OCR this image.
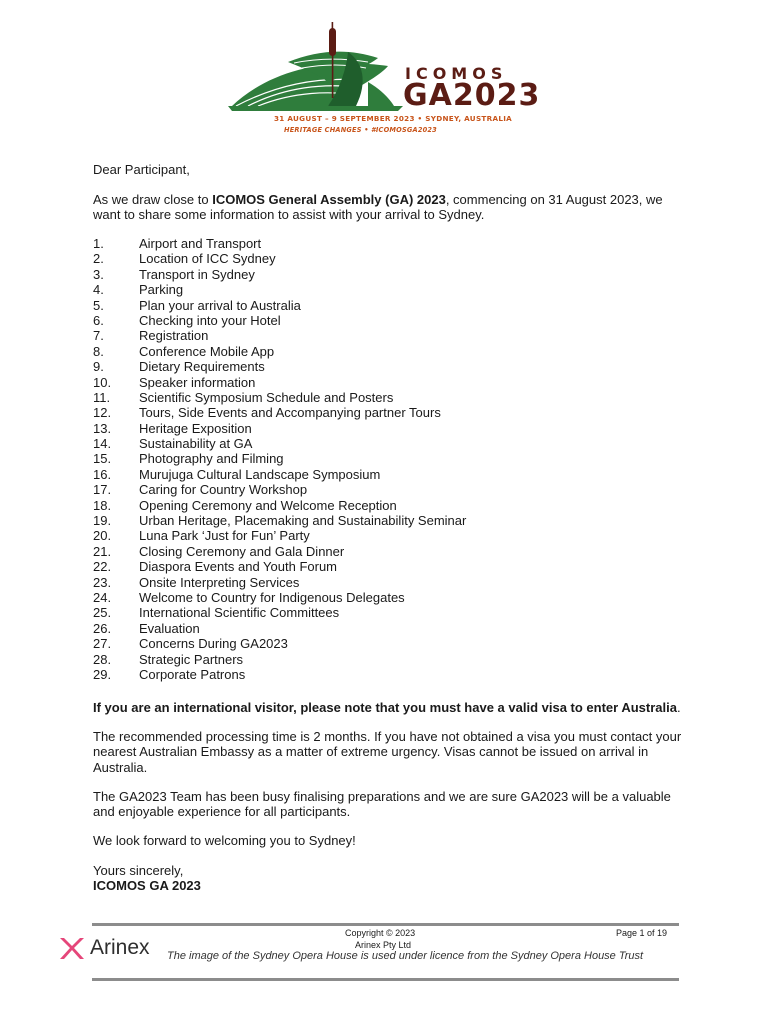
ICOMOS
GA2023
31 AUGUST – 9 SEPTEMBER 2023 • SYDNEY, AUSTRALIA
HERITAGE CHANGES • #ICOMOSGA2023
Dear Participant,
As we draw close to ICOMOS General Assembly (GA) 2023, commencing on 31 August 2023, we want to share some information to assist with your arrival to Sydney.
1.	Airport and Transport
2.	Location of ICC Sydney
3.	Transport in Sydney
4.	Parking
5.	Plan your arrival to Australia
6.	Checking into your Hotel
7.	Registration
8.	Conference Mobile App
9.	Dietary Requirements
10.	Speaker information
11.	Scientific Symposium Schedule and Posters
12.	Tours, Side Events and Accompanying partner Tours
13.	Heritage Exposition
14.	Sustainability at GA
15.	Photography and Filming
16.	Murujuga Cultural Landscape Symposium
17.	Caring for Country Workshop
18.	Opening Ceremony and Welcome Reception
19.	Urban Heritage, Placemaking and Sustainability Seminar
20.	Luna Park ‘Just for Fun’ Party
21.	Closing Ceremony and Gala Dinner
22.	Diaspora Events and Youth Forum
23.	Onsite Interpreting Services
24.	Welcome to Country for Indigenous Delegates
25.	International Scientific Committees
26.	Evaluation
27.	Concerns During GA2023
28.	Strategic Partners
29.	Corporate Patrons
If you are an international visitor, please note that you must have a valid visa to enter Australia.
The recommended processing time is 2 months. If you have not obtained a visa you must contact your nearest Australian Embassy as a matter of extreme urgency. Visas cannot be issued on arrival in Australia.
The GA2023 Team has been busy finalising preparations and we are sure GA2023 will be a valuable and enjoyable experience for all participants.
We look forward to welcoming you to Sydney!
Yours sincerely,
ICOMOS GA 2023
Copyright © 2023
Arinex Pty Ltd
Page 1 of 19
Arinex The image of the Sydney Opera House is used under licence from the Sydney Opera House Trust
